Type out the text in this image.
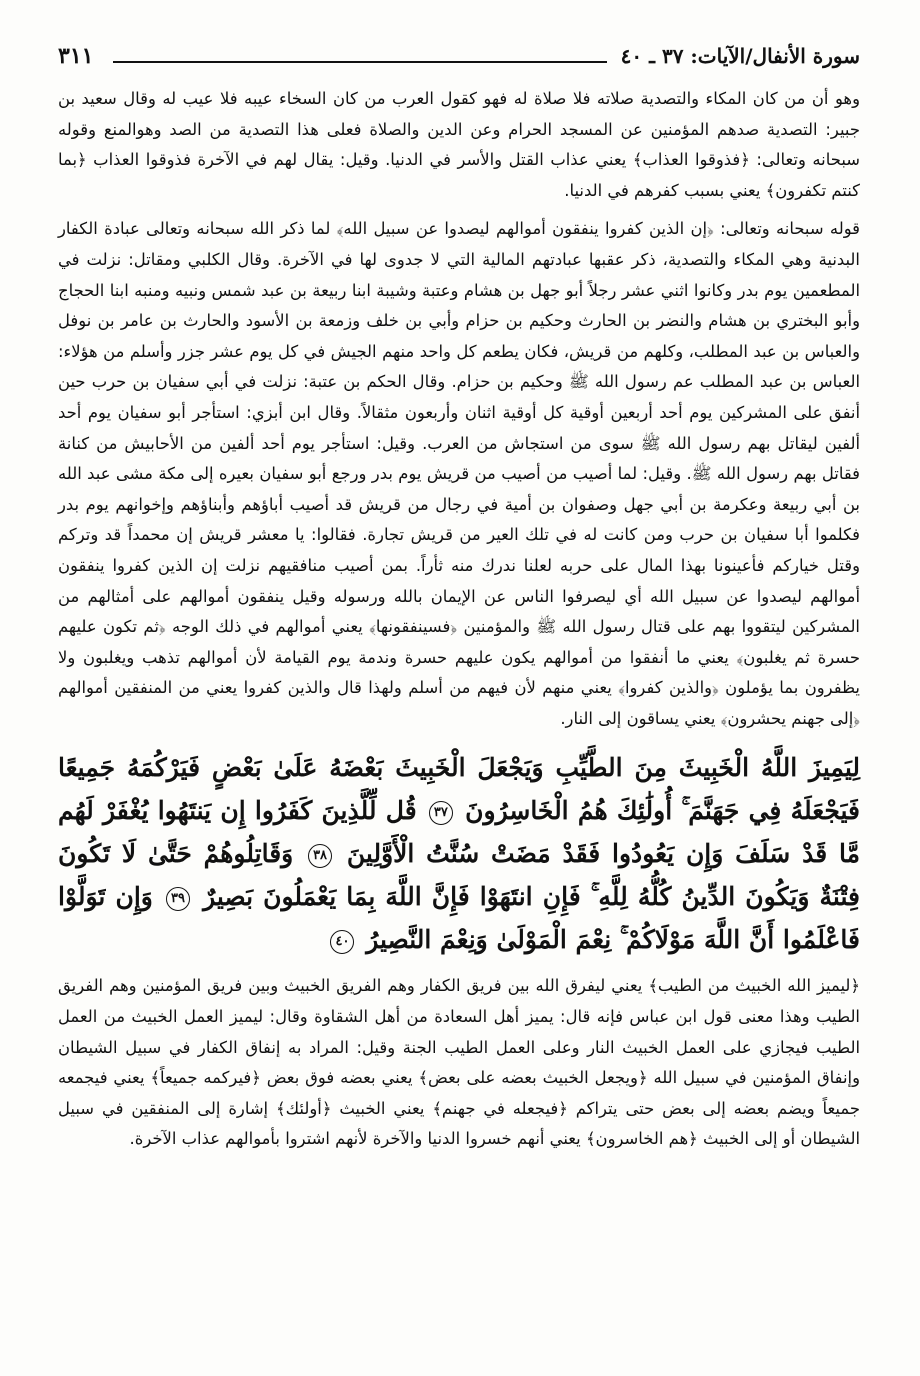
٣١١	سورة الأنفال/الآيات: ٣٧ ـ ٤٠

وهو أن من كان المكاء والتصدية صلاته فلا صلاة له فهو كقول العرب من كان السخاء عيبه فلا عيب له وقال سعيد بن جبير: التصدية صدهم المؤمنين عن المسجد الحرام وعن الدين والصلاة فعلى هذا التصدية من الصد وهوالمنع وقوله سبحانه وتعالى: ﴿فذوقوا العذاب﴾ يعني عذاب القتل والأسر في الدنيا. وقيل: يقال لهم في الآخرة فذوقوا العذاب ﴿بما كنتم تكفرون﴾ يعني بسبب كفرهم في الدنيا.

قوله سبحانه وتعالى: ﴿إن الذين كفروا ينفقون أموالهم ليصدوا عن سبيل الله﴾ لما ذكر الله سبحانه وتعالى عبادة الكفار البدنية وهي المكاء والتصدية، ذكر عقبها عبادتهم المالية التي لا جدوى لها في الآخرة. وقال الكلبي ومقاتل: نزلت في المطعمين يوم بدر وكانوا اثني عشر رجلاً أبو جهل بن هشام وعتبة وشيبة ابنا ربيعة بن عبد شمس ونبيه ومنبه ابنا الحجاج وأبو البختري بن هشام والنضر بن الحارث وحكيم بن حزام وأبي بن خلف وزمعة بن الأسود والحارث بن عامر بن نوفل والعباس بن عبد المطلب، وكلهم من قريش، فكان يطعم كل واحد منهم الجيش في كل يوم عشر جزر وأسلم من هؤلاء: العباس بن عبد المطلب عم رسول الله ﷺ وحكيم بن حزام. وقال الحكم بن عتبة: نزلت في أبي سفيان بن حرب حين أنفق على المشركين يوم أحد أربعين أوقية كل أوقية اثنان وأربعون مثقالاً. وقال ابن أبزي: استأجر أبو سفيان يوم أحد ألفين ليقاتل بهم رسول الله ﷺ سوى من استجاش من العرب. وقيل: استأجر يوم أحد ألفين من الأحابيش من كنانة فقاتل بهم رسول الله ﷺ. وقيل: لما أصيب من أصيب من قريش يوم بدر ورجع أبو سفيان بعيره إلى مكة مشى عبد الله بن أبي ربيعة وعكرمة بن أبي جهل وصفوان بن أمية في رجال من قريش قد أصيب أباؤهم وأبناؤهم وإخوانهم يوم بدر فكلموا أبا سفيان بن حرب ومن كانت له في تلك العير من قريش تجارة. فقالوا: يا معشر قريش إن محمداً قد وتركم وقتل خياركم فأعينونا بهذا المال على حربه لعلنا ندرك منه ثأراً. بمن أصيب منافقيهم نزلت إن الذين كفروا ينفقون أموالهم ليصدوا عن سبيل الله أي ليصرفوا الناس عن الإيمان بالله ورسوله وقيل ينفقون أموالهم على أمثالهم من المشركين ليتقووا بهم على قتال رسول الله ﷺ والمؤمنين ﴿فسينفقونها﴾ يعني أموالهم في ذلك الوجه ﴿ثم تكون عليهم حسرة ثم يغلبون﴾ يعني ما أنفقوا من أموالهم يكون عليهم حسرة وندمة يوم القيامة لأن أموالهم تذهب ويغلبون ولا يظفرون بما يؤملون ﴿والذين كفروا﴾ يعني منهم لأن فيهم من أسلم ولهذا قال والذين كفروا يعني من المنفقين أموالهم ﴿إلى جهنم يحشرون﴾ يعني يساقون إلى النار.

لِيَمِيزَ اللَّهُ الْخَبِيثَ مِنَ الطَّيِّبِ وَيَجْعَلَ الْخَبِيثَ بَعْضَهُ عَلَىٰ بَعْضٍ فَيَرْكُمَهُ جَمِيعًا فَيَجْعَلَهُ فِي جَهَنَّمَ ۚ أُولَٰئِكَ هُمُ الْخَاسِرُونَ ٣٧ قُل لِّلَّذِينَ كَفَرُوا إِن يَنتَهُوا يُغْفَرْ لَهُم مَّا قَدْ سَلَفَ وَإِن يَعُودُوا فَقَدْ مَضَتْ سُنَّتُ الْأَوَّلِينَ ٣٨ وَقَاتِلُوهُمْ حَتَّىٰ لَا تَكُونَ فِتْنَةٌ وَيَكُونَ الدِّينُ كُلُّهُ لِلَّهِ ۚ فَإِنِ انتَهَوْا فَإِنَّ اللَّهَ بِمَا يَعْمَلُونَ بَصِيرٌ ٣٩ وَإِن تَوَلَّوْا فَاعْلَمُوا أَنَّ اللَّهَ مَوْلَاكُمْ ۚ نِعْمَ الْمَوْلَىٰ وَنِعْمَ النَّصِيرُ ٤٠

﴿ليميز الله الخبيث من الطيب﴾ يعني ليفرق الله بين فريق الكفار وهم الفريق الخبيث وبين فريق المؤمنين وهم الفريق الطيب وهذا معنى قول ابن عباس فإنه قال: يميز أهل السعادة من أهل الشقاوة وقال: ليميز العمل الخبيث من العمل الطيب فيجازي على العمل الخبيث النار وعلى العمل الطيب الجنة وقيل: المراد به إنفاق الكفار في سبيل الشيطان وإنفاق المؤمنين في سبيل الله ﴿ويجعل الخبيث بعضه على بعض﴾ يعني بعضه فوق بعض ﴿فيركمه جميعاً﴾ يعني فيجمعه جميعاً ويضم بعضه إلى بعض حتى يتراكم ﴿فيجعله في جهنم﴾ يعني الخبيث ﴿أولئك﴾ إشارة إلى المنفقين في سبيل الشيطان أو إلى الخبيث ﴿هم الخاسرون﴾ يعني أنهم خسروا الدنيا والآخرة لأنهم اشتروا بأموالهم عذاب الآخرة.
